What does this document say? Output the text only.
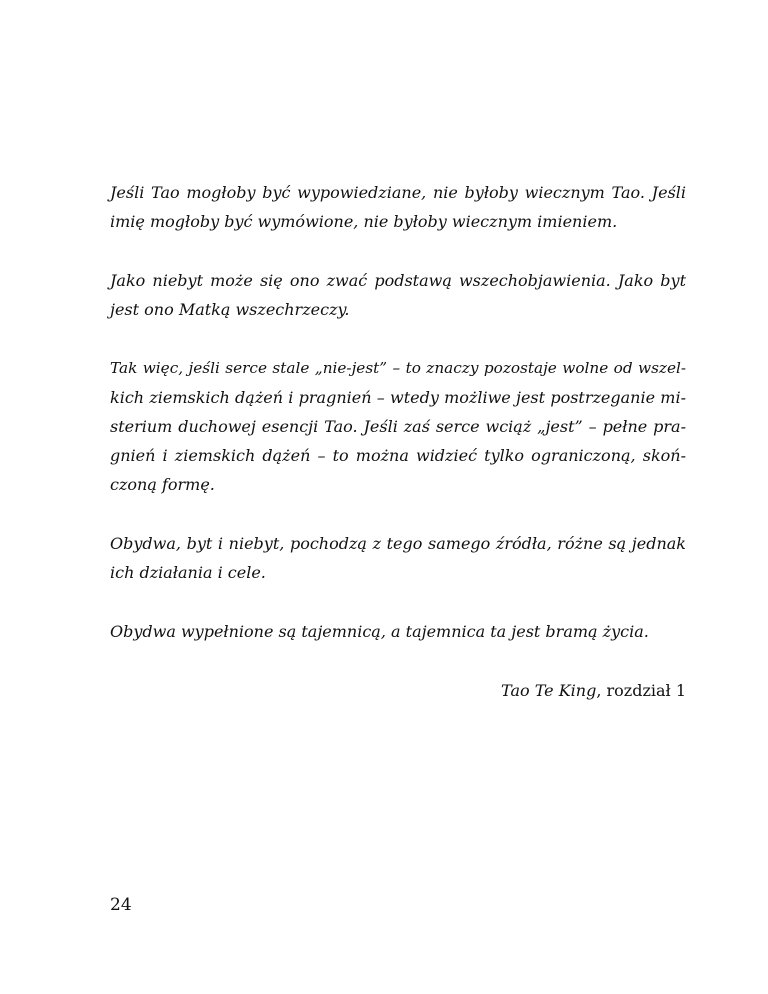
Jeśli Tao mogłoby być wypowiedziane, nie byłoby wiecznym Tao. Jeśli
imię mogłoby być wymówione, nie byłoby wiecznym imieniem.

Jako niebyt może się ono zwać podstawą wszechobjawienia. Jako byt
jest ono Matką wszechrzeczy.

Tak więc, jeśli serce stale „nie-jest” – to znaczy pozostaje wolne od wszel-
kich ziemskich dążeń i pragnień – wtedy możliwe jest postrzeganie mi-
sterium duchowej esencji Tao. Jeśli zaś serce wciąż „jest” – pełne pra-
gnień i ziemskich dążeń – to można widzieć tylko ograniczoną, skoń-
czoną formę.

Obydwa, byt i niebyt, pochodzą z tego samego źródła, różne są jednak
ich działania i cele.

Obydwa wypełnione są tajemnicą, a tajemnica ta jest bramą życia.

Tao Te King, rozdział 1
24
